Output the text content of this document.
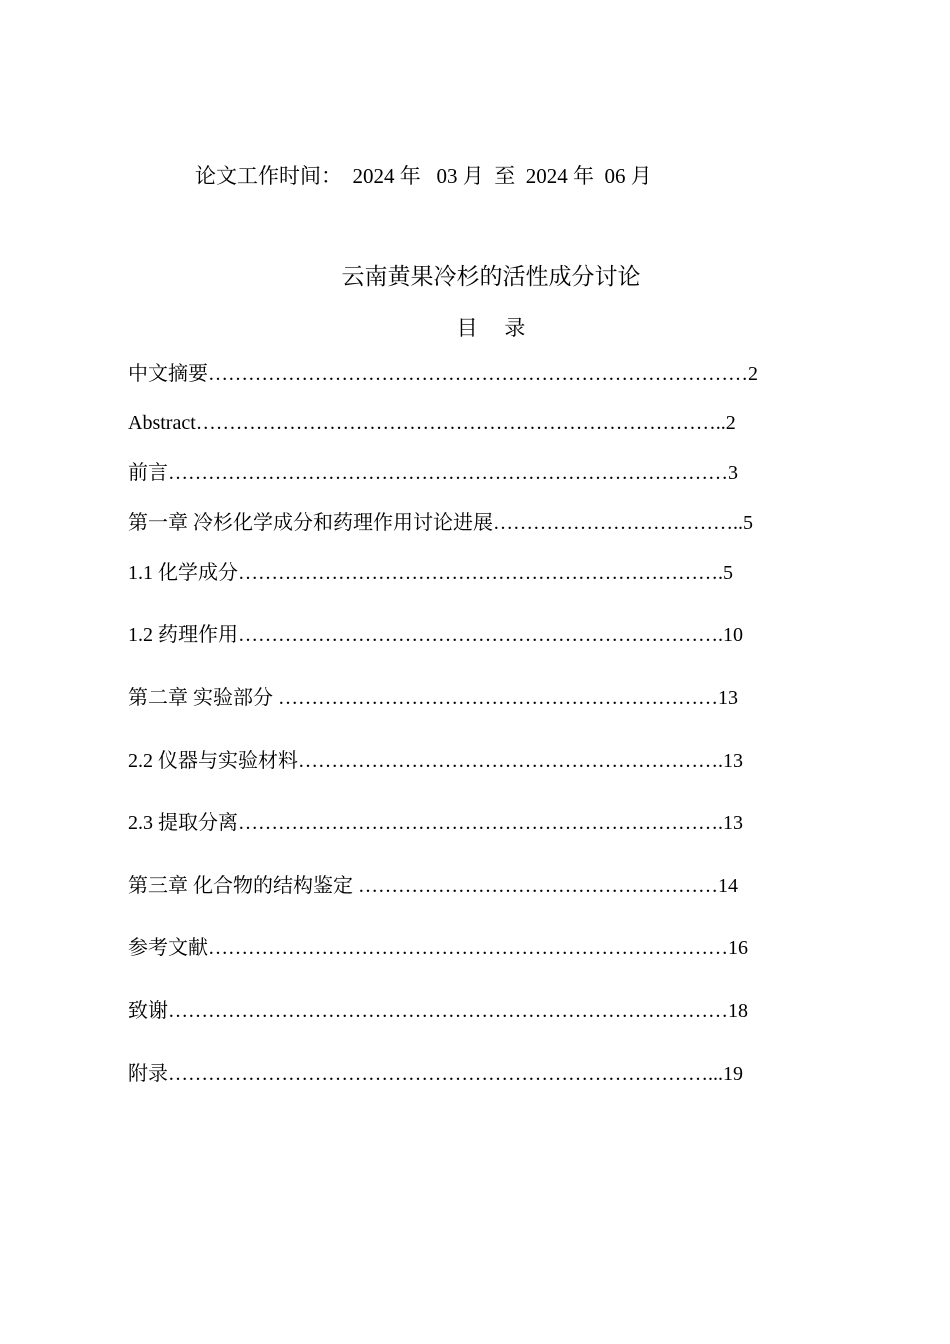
论文工作时间：  2024 年   03 月  至  2024 年  06 月
云南黄果冷杉的活性成分讨论
目    录
中文摘要………………………………………………………………………2
Abstract……………………………………………………………………..2
前言…………………………………………………………………………3
第一章 冷杉化学成分和药理作用讨论进展………………………………..5
1.1 化学成分……………………………………………………………….5
1.2 药理作用……………………………………………………………….10
第二章 实验部分 …………………………………………………………13
2.2 仪器与实验材料……………………………………………………….13
2.3 提取分离……………………………………………………………….13
第三章 化合物的结构鉴定 ………………………………………………14
参考文献……………………………………………………………………16
致谢…………………………………………………………………………18
附录………………………………………………………………………...19
